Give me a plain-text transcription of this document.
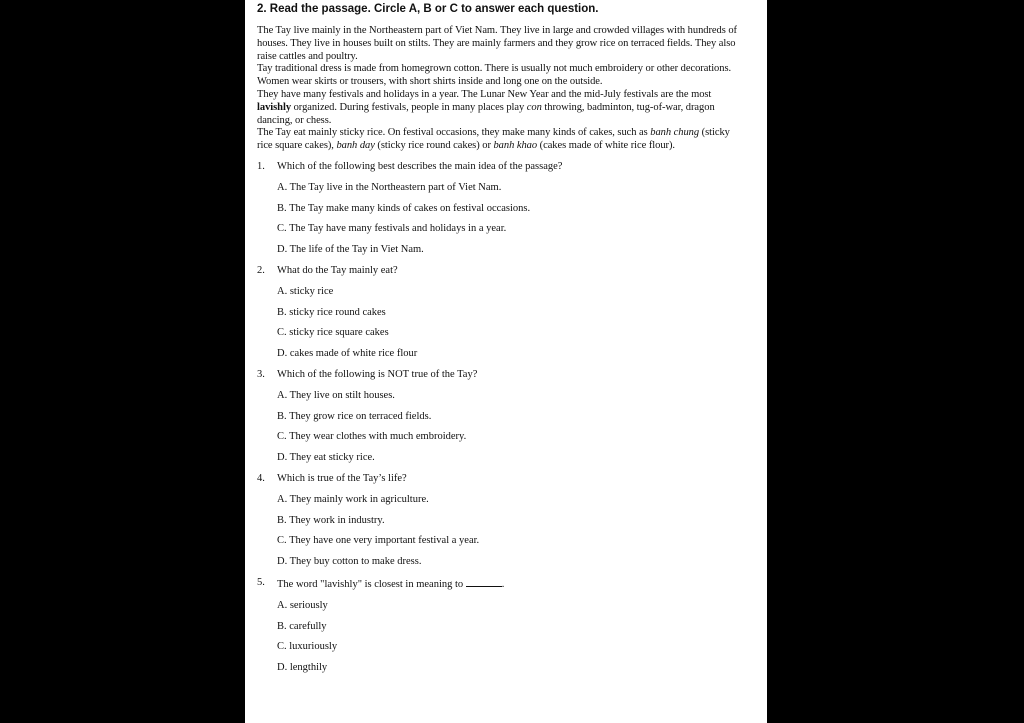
2. Read the passage. Circle A, B or C to answer each question.

The Tay live mainly in the Northeastern part of Viet Nam. They live in large and crowded villages with hundreds of houses. They live in houses built on stilts. They are mainly farmers and they grow rice on terraced fields. They also raise cattles and poultry.

Tay traditional dress is made from homegrown cotton. There is usually not much embroidery or other decorations. Women wear skirts or trousers, with short shirts inside and long one on the outside.

They have many festivals and holidays in a year. The Lunar New Year and the mid-July festivals are the most lavishly organized. During festivals, people in many places play con throwing, badminton, tug-of-war, dragon dancing, or chess.

The Tay eat mainly sticky rice. On festival occasions, they make many kinds of cakes, such as banh chung (sticky rice square cakes), banh day (sticky rice round cakes) or banh khao (cakes made of white rice flour).

1.	Which of the following best describes the main idea of the passage?
A. The Tay live in the Northeastern part of Viet Nam.
B. The Tay make many kinds of cakes on festival occasions.
C. The Tay have many festivals and holidays in a year.
D. The life of the Tay in Viet Nam.
2.	What do the Tay mainly eat?
A. sticky rice
B. sticky rice round cakes
C. sticky rice square cakes
D. cakes made of white rice flour
3.	Which of the following is NOT true of the Tay?
A. They live on stilt houses.
B. They grow rice on terraced fields.
C. They wear clothes with much embroidery.
D. They eat sticky rice.
4.	Which is true of the Tay’s life?
A. They mainly work in agriculture.
B. They work in industry.
C. They have one very important festival a year.
D. They buy cotton to make dress.
5.	The word "lavishly" is closest in meaning to	.
A. seriously
B. carefully
C. luxuriously
D. lengthily
